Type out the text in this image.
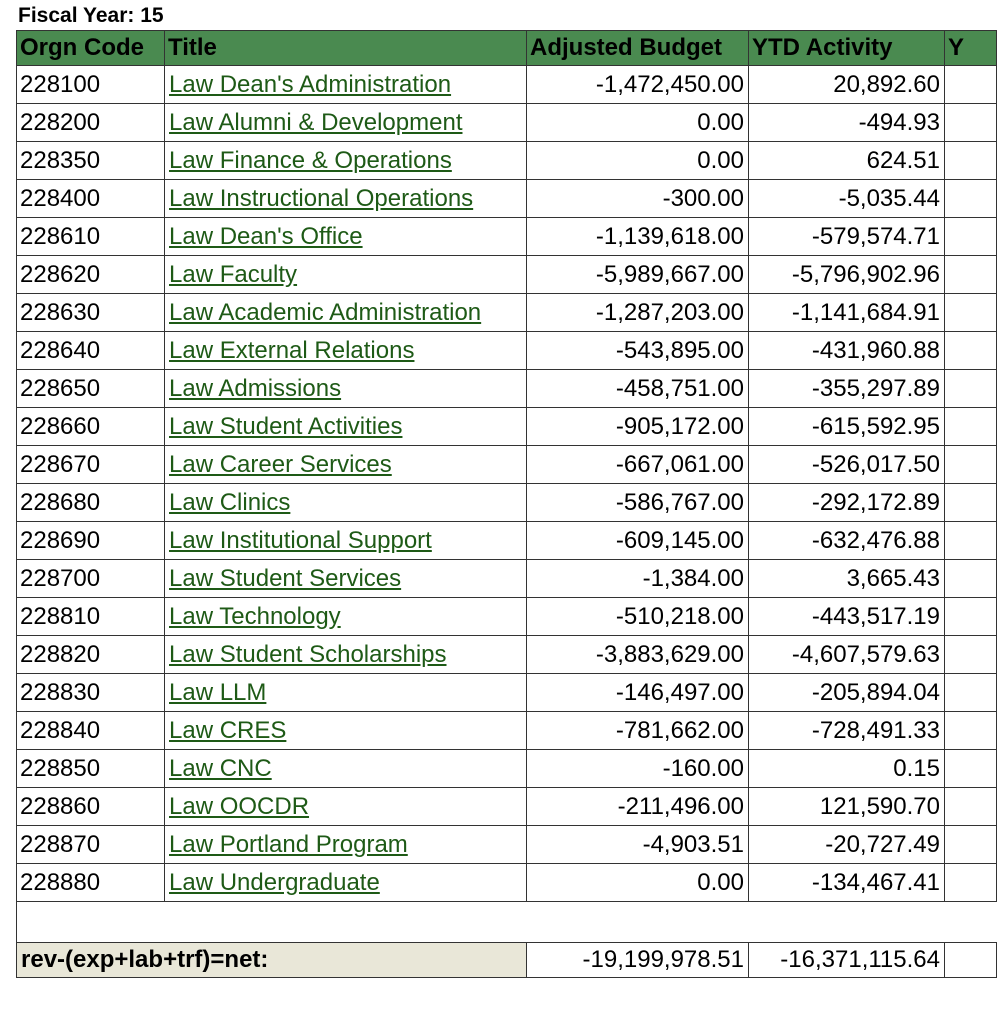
Fiscal Year: 15
Orgn Code	Title	Adjusted Budget	YTD Activity	Y
228100	Law Dean's Administration	-1,472,450.00	20,892.60	
228200	Law Alumni & Development	0.00	-494.93	
228350	Law Finance & Operations	0.00	624.51	
228400	Law Instructional Operations	-300.00	-5,035.44	
228610	Law Dean's Office	-1,139,618.00	-579,574.71	
228620	Law Faculty	-5,989,667.00	-5,796,902.96	
228630	Law Academic Administration	-1,287,203.00	-1,141,684.91	
228640	Law External Relations	-543,895.00	-431,960.88	
228650	Law Admissions	-458,751.00	-355,297.89	
228660	Law Student Activities	-905,172.00	-615,592.95	
228670	Law Career Services	-667,061.00	-526,017.50	
228680	Law Clinics	-586,767.00	-292,172.89	
228690	Law Institutional Support	-609,145.00	-632,476.88	
228700	Law Student Services	-1,384.00	3,665.43	
228810	Law Technology	-510,218.00	-443,517.19	
228820	Law Student Scholarships	-3,883,629.00	-4,607,579.63	
228830	Law LLM	-146,497.00	-205,894.04	
228840	Law CRES	-781,662.00	-728,491.33	
228850	Law CNC	-160.00	0.15	
228860	Law OOCDR	-211,496.00	121,590.70	
228870	Law Portland Program	-4,903.51	-20,727.49	
228880	Law Undergraduate	0.00	-134,467.41	

rev-(exp+lab+trf)=net:		-19,199,978.51	-16,371,115.64	
